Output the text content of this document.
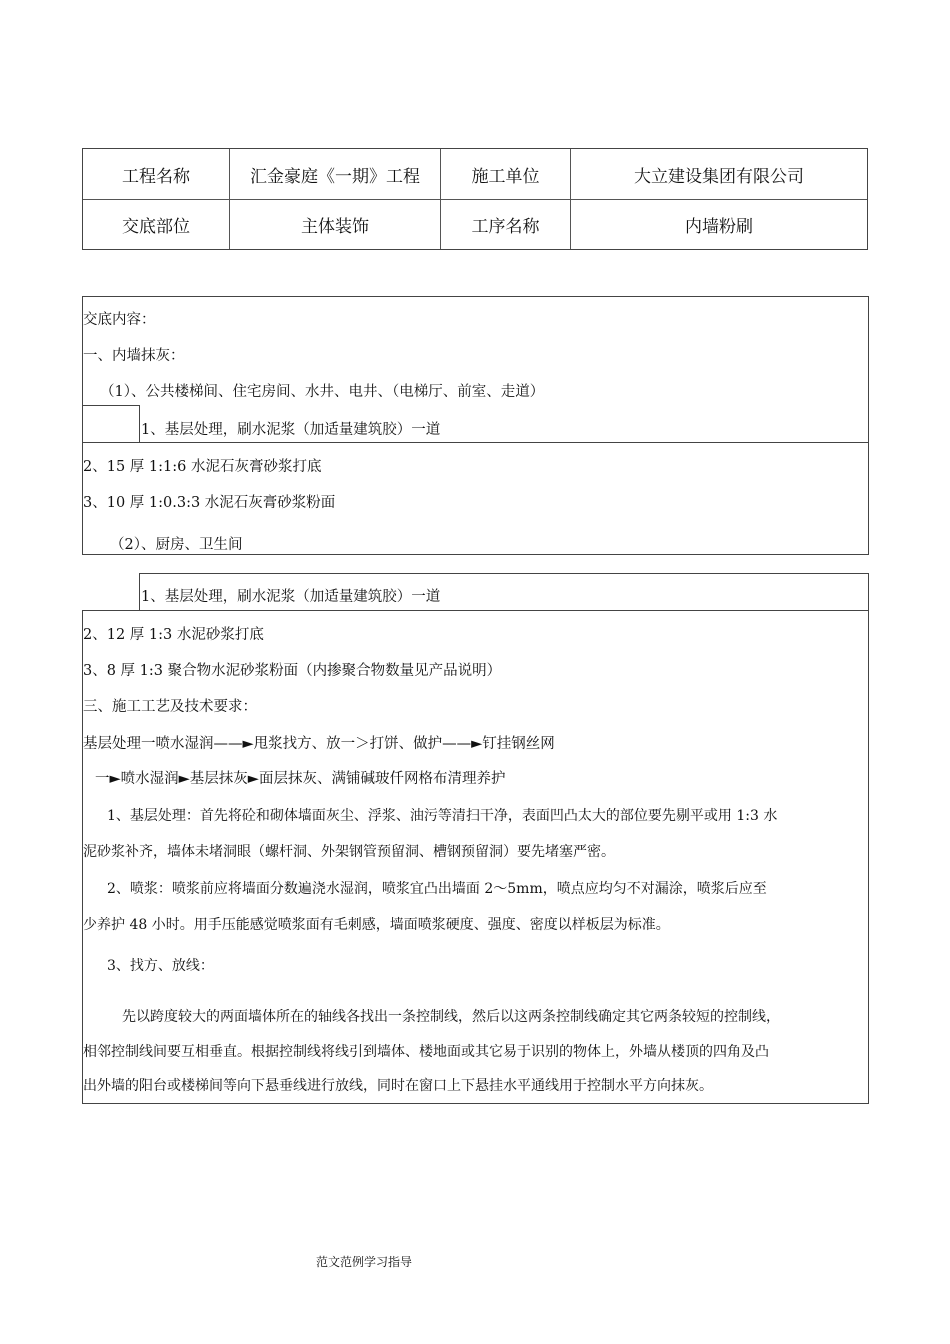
工程名称	汇金豪庭《一期》工程	施工单位	大立建设集团有限公司
交底部位	主体装饰	工序名称	内墙粉刷
交底内容：
一、内墙抹灰：
（1）、公共楼梯间、住宅房间、水井、电井、（电梯厅、前室、走道）
1、基层处理，刷水泥浆（加适量建筑胶）一道
2、15 厚 1:1:6 水泥石灰膏砂浆打底
3、10 厚 1:0.3:3 水泥石灰膏砂浆粉面
（2）、厨房、卫生间
1、基层处理，刷水泥浆（加适量建筑胶）一道
2、12 厚 1:3 水泥砂浆打底
3、8 厚 1:3 聚合物水泥砂浆粉面（内掺聚合物数量见产品说明）
三、施工工艺及技术要求：
基层处理一喷水湿润——►甩浆找方、放一＞打饼、做护——►钉挂钢丝网
一►喷水湿润►基层抹灰►面层抹灰、满铺碱玻仟网格布清理养护
1、基层处理：首先将砼和砌体墙面灰尘、浮浆、油污等清扫干净，表面凹凸太大的部位要先剔平或用 1:3 水
泥砂浆补齐，墙体未堵洞眼（螺杆洞、外架钢管预留洞、槽钢预留洞）要先堵塞严密。
2、喷浆：喷浆前应将墙面分数遍浇水湿润，喷浆宜凸出墙面 2～5mm，喷点应均匀不对漏涂，喷浆后应至
少养护 48 小时。用手压能感觉喷浆面有毛刺感，墙面喷浆硬度、强度、密度以样板层为标准。
3、找方、放线：
先以跨度较大的两面墙体所在的轴线各找出一条控制线，然后以这两条控制线确定其它两条较短的控制线，
相邻控制线间要互相垂直。根据控制线将线引到墙体、楼地面或其它易于识别的物体上，外墙从楼顶的四角及凸
出外墙的阳台或楼梯间等向下悬垂线进行放线，同时在窗口上下悬挂水平通线用于控制水平方向抹灰。
范文范例学习指导
